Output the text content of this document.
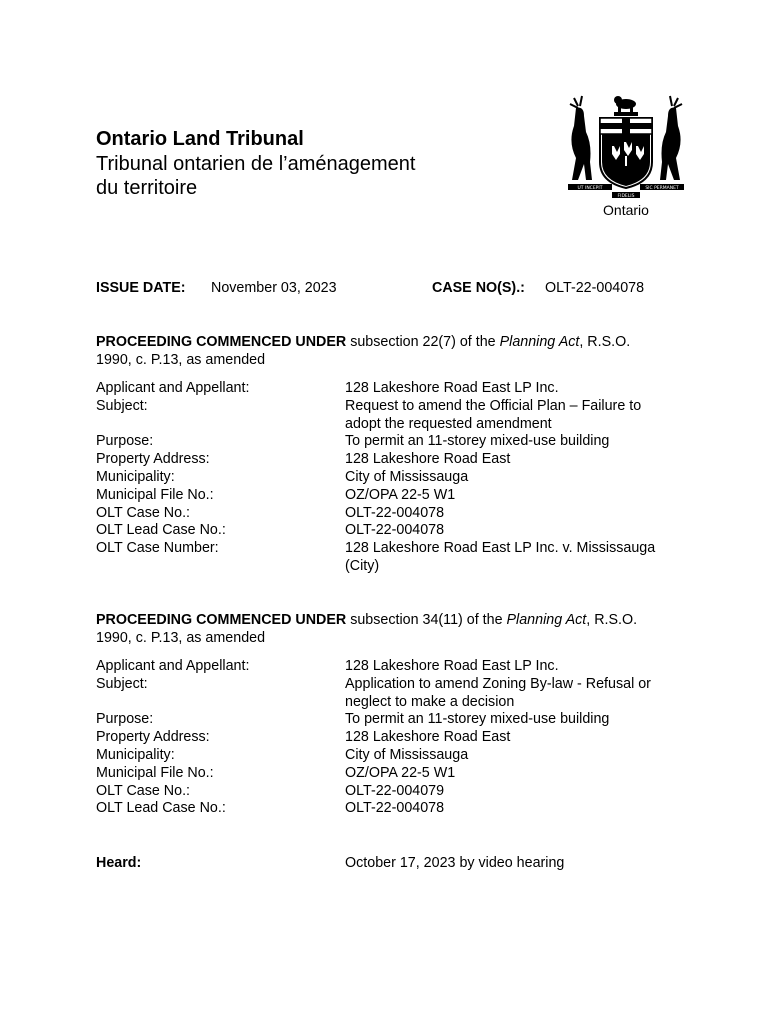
Ontario Land Tribunal
Tribunal ontarien de l’aménagement
du territoire	UT INCEPIT	SIC PERMANET
FIDELIS
Ontario
ISSUE DATE: November 03, 2023	CASE NO(S).: OLT-22-004078
PROCEEDING COMMENCED UNDER subsection 22(7) of the Planning Act, R.S.O.
1990, c. P.13, as amended
Applicant and Appellant:	128 Lakeshore Road East LP Inc.
Subject:	Request to amend the Official Plan – Failure to
adopt the requested amendment
Purpose:	To permit an 11-storey mixed-use building
Property Address:	128 Lakeshore Road East
Municipality:	City of Mississauga
Municipal File No.:	OZ/OPA 22-5 W1
OLT Case No.:	OLT-22-004078
OLT Lead Case No.:	OLT-22-004078
OLT Case Number:	128 Lakeshore Road East LP Inc. v. Mississauga
(City)
PROCEEDING COMMENCED UNDER subsection 34(11) of the Planning Act, R.S.O.
1990, c. P.13, as amended
Applicant and Appellant:	128 Lakeshore Road East LP Inc.
Subject:	Application to amend Zoning By-law - Refusal or
neglect to make a decision
Purpose:	To permit an 11-storey mixed-use building
Property Address:	128 Lakeshore Road East
Municipality:	City of Mississauga
Municipal File No.:	OZ/OPA 22-5 W1
OLT Case No.:	OLT-22-004079
OLT Lead Case No.:	OLT-22-004078
Heard:	October 17, 2023 by video hearing
